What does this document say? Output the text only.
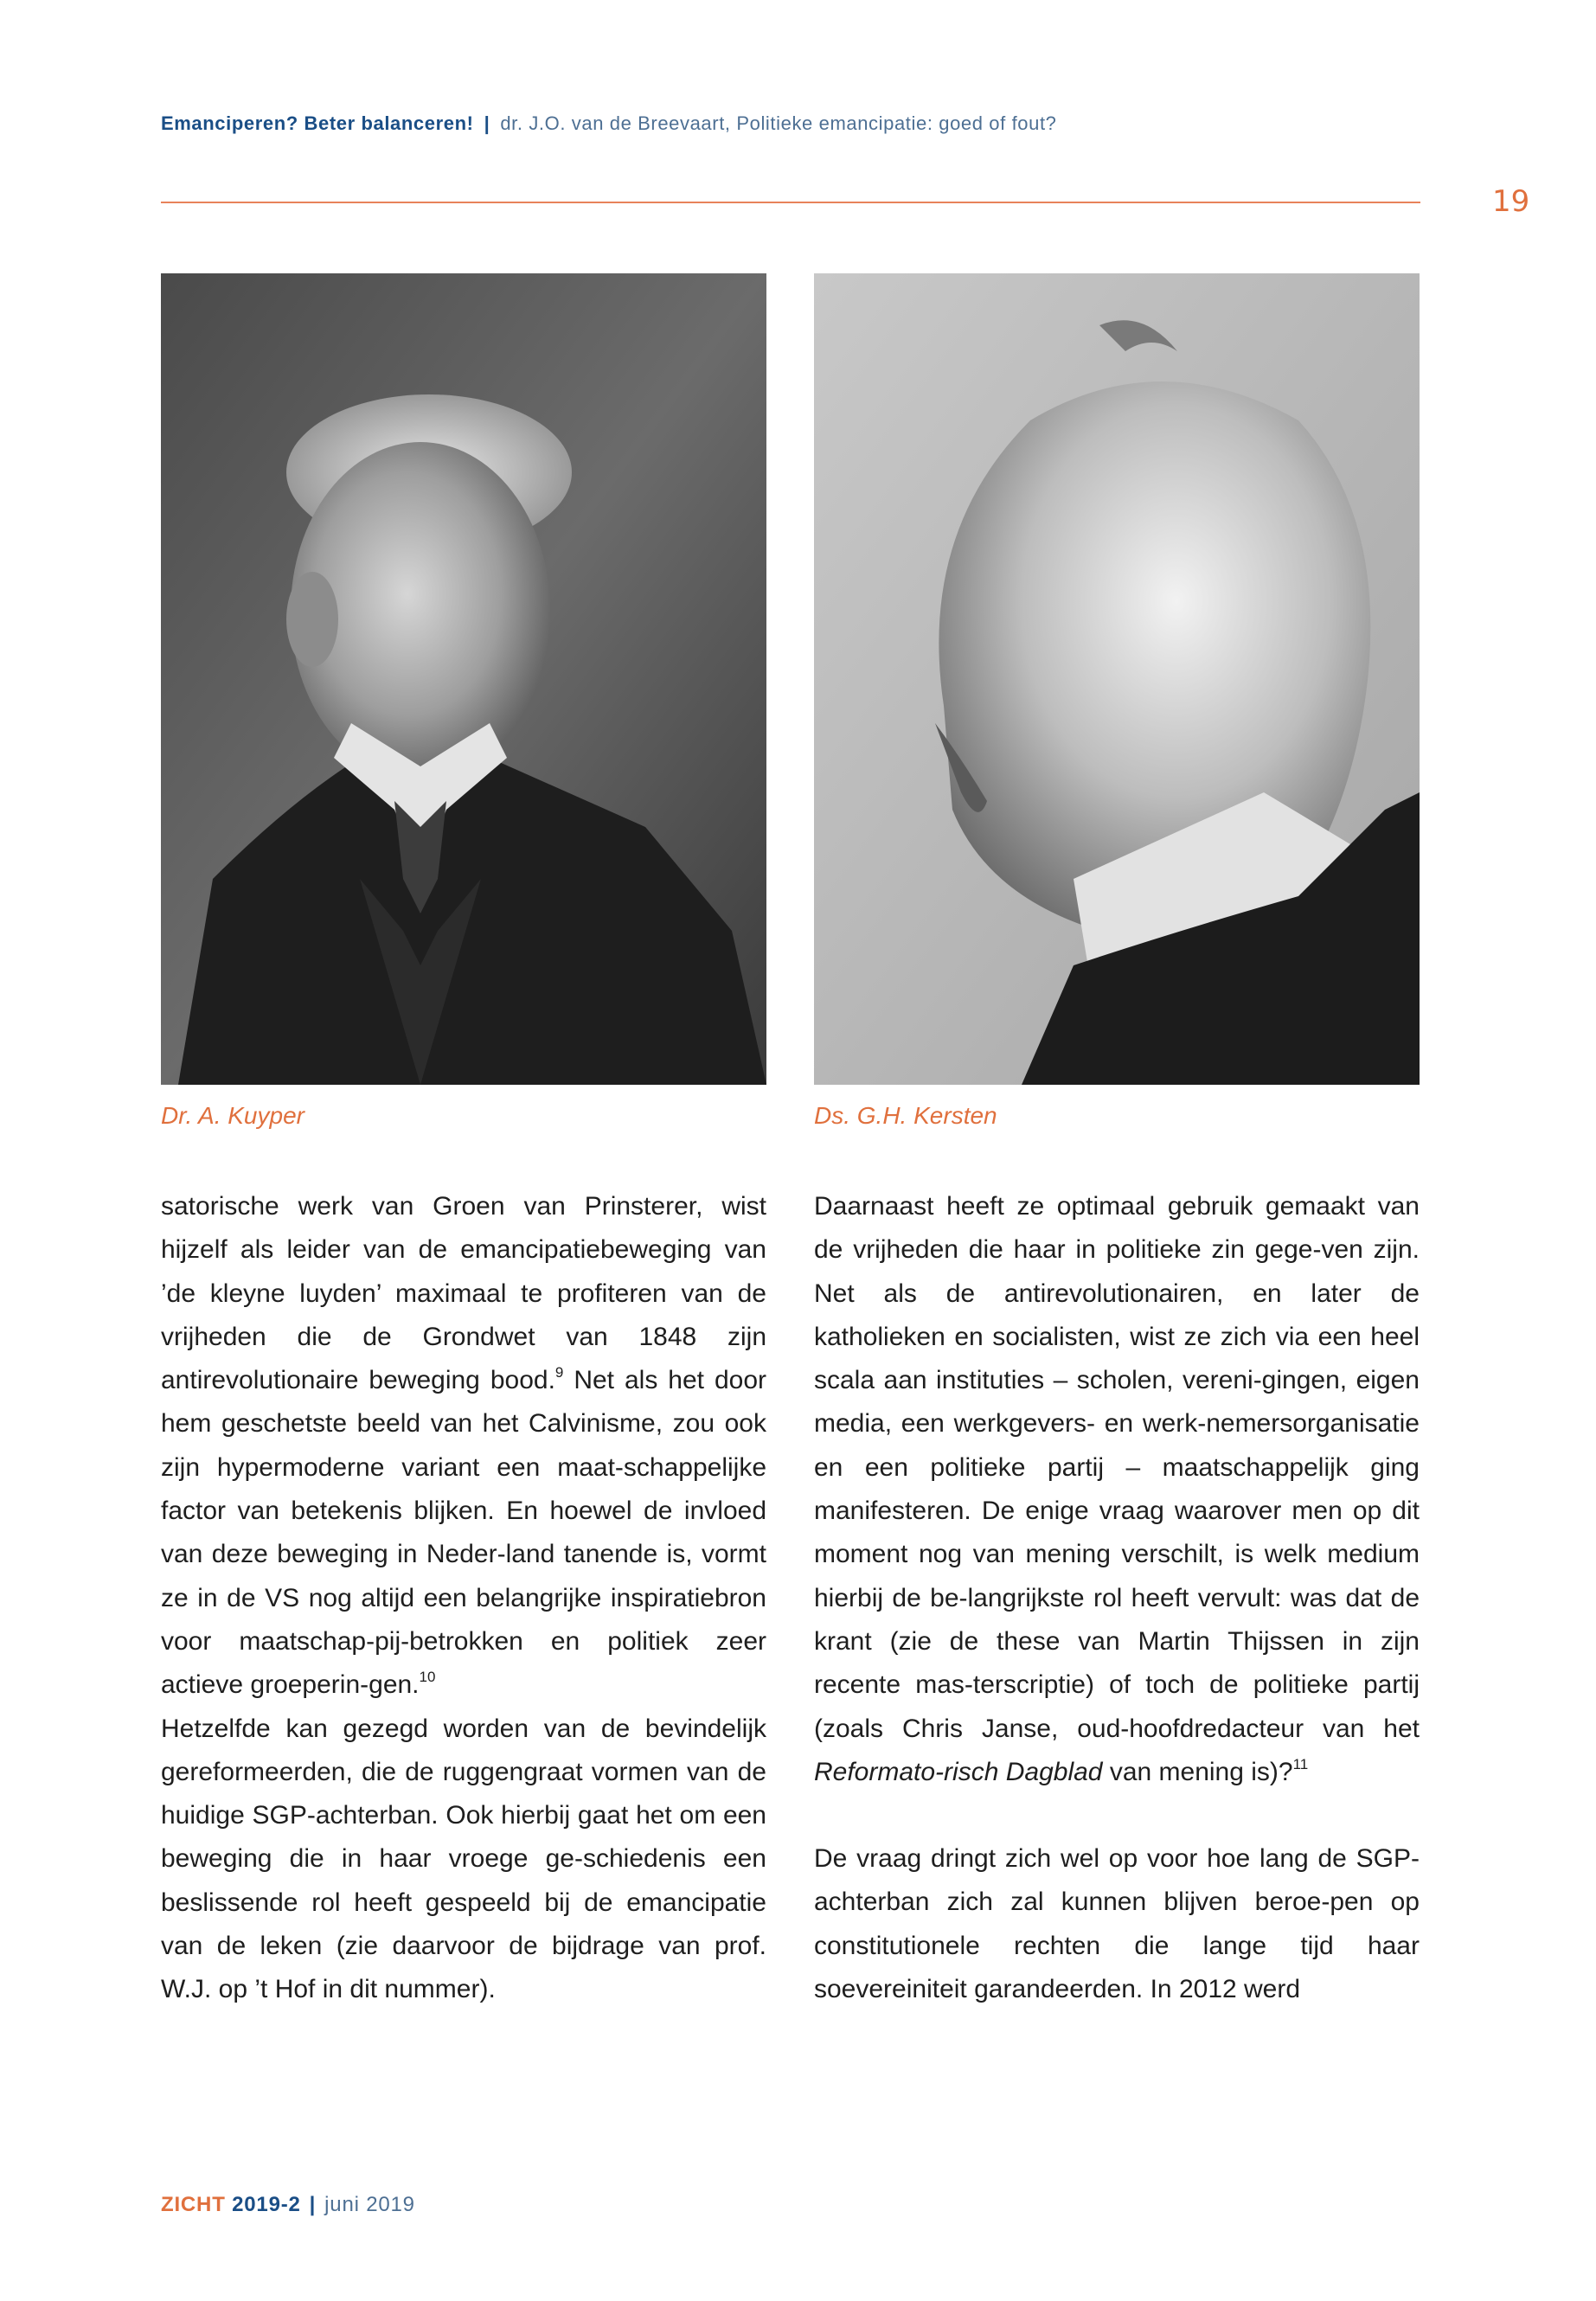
Emanciperen? Beter balanceren! | dr. J.O. van de Breevaart, Politieke emancipatie: goed of fout?
19
Dr. A. Kuyper	Ds. G.H. Kersten

satorische werk van Groen van Prinsterer, wist hijzelf als leider van de emancipatiebeweging van ’de kleyne luyden’ maximaal te profiteren van de vrijheden die de Grondwet van 1848 zijn antirevolutionaire beweging bood.$^9$ Net als het door hem geschetste beeld van het Calvinisme, zou ook zijn hypermoderne variant een maat-schappelijke factor van betekenis blijken. En hoewel de invloed van deze beweging in Neder-land tanende is, vormt ze in de VS nog altijd een belangrijke inspiratiebron voor maatschap-pij-betrokken en politiek zeer actieve groeperin-gen.$^{10}$

Hetzelfde kan gezegd worden van de bevindelijk gereformeerden, die de ruggengraat vormen van de huidige SGP-achterban. Ook hierbij gaat het om een beweging die in haar vroege ge-schiedenis een beslissende rol heeft gespeeld bij de emancipatie van de leken (zie daarvoor de bijdrage van prof. W.J. op ’t Hof in dit nummer).

Daarnaast heeft ze optimaal gebruik gemaakt van de vrijheden die haar in politieke zin gege-ven zijn. Net als de antirevolutionairen, en later de katholieken en socialisten, wist ze zich via een heel scala aan instituties – scholen, vereni-gingen, eigen media, een werkgevers- en werk-nemersorganisatie en een politieke partij – maatschappelijk ging manifesteren. De enige vraag waarover men op dit moment nog van mening verschilt, is welk medium hierbij de be-langrijkste rol heeft vervult: was dat de krant (zie de these van Martin Thijssen in zijn recente mas-terscriptie) of toch de politieke partij (zoals Chris Janse, oud-hoofdredacteur van het Reformato-risch Dagblad van mening is)?$^{11}$

De vraag dringt zich wel op voor hoe lang de SGP-achterban zich zal kunnen blijven beroe-pen op constitutionele rechten die lange tijd haar soevereiniteit garandeerden. In 2012 werd

ZICHT 2019-2 | juni 2019
